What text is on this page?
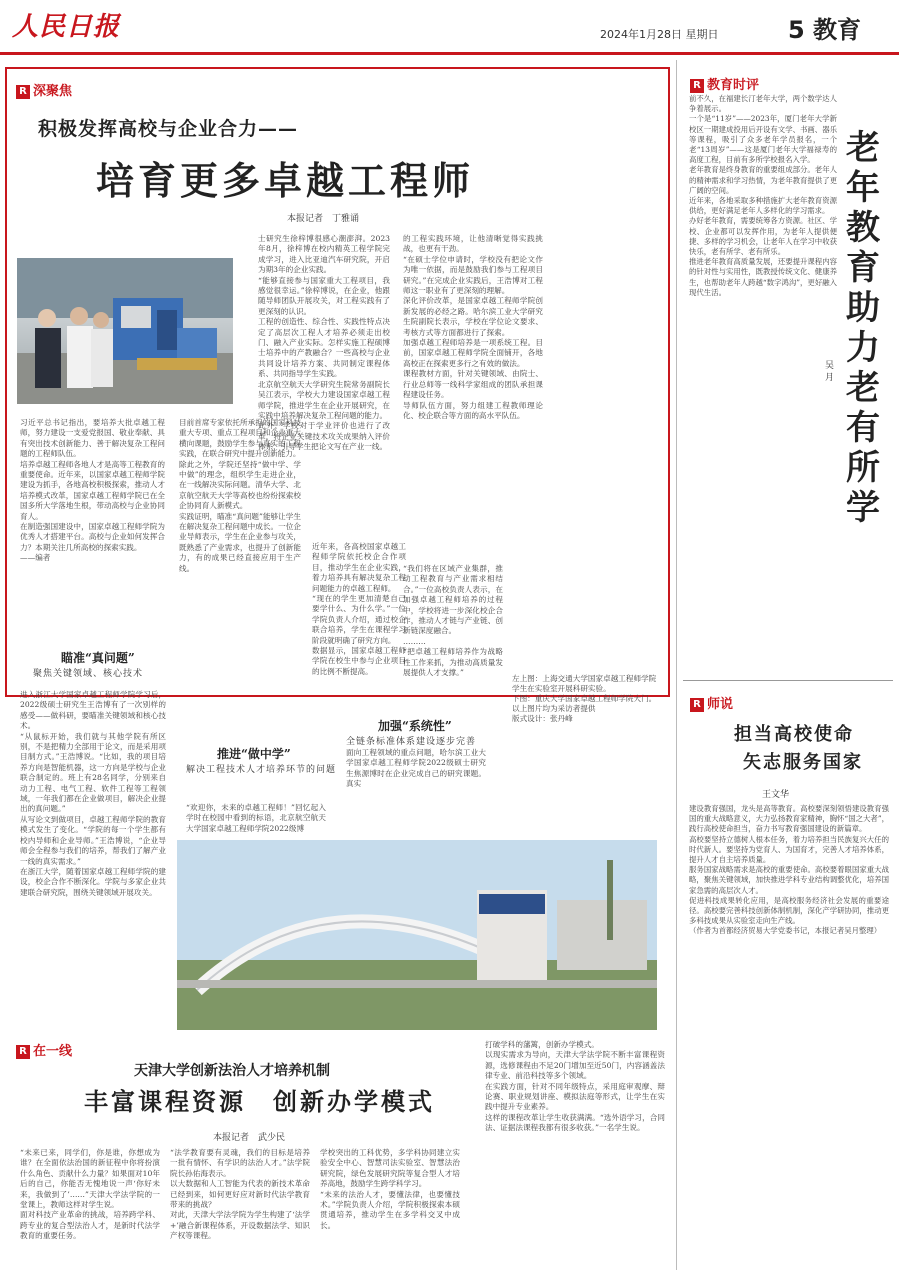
人民日报	2024年1月28日 星期日	5 教育
R 深聚焦
积极发挥高校与企业合力——
培育更多卓越工程师
本报记者　丁雅诵
习近平总书记指出，要培养大批卓越工程师，努力建设一支爱党报国、敬业奉献、具有突出技术创新能力、善于解决复杂工程问题的工程师队伍。
培养卓越工程师各地人才是高等工程教育的重要使命。近年来，以国家卓越工程师学院建设为抓手，各地高校积极探索，推动人才培养模式改革，国家卓越工程师学院已在全国多所大学落地生根，带动高校与企业协同育人。
在制造强国建设中，国家卓越工程师学院为优秀人才搭建平台。高校与企业如何发挥合力？本期关注几所高校的探索实践。
——编者
目前首席专家依托所承担的国家科技重大专项、重点工程项目和企业重大横向课题，鼓励学生参与真实的工程实践，在联合研究中提升创新能力。
除此之外，学院还坚持“做中学、学中做”的理念，组织学生走进企业，在一线解决实际问题。清华大学、北京航空航天大学等高校也纷纷探索校企协同育人新模式。
实践证明，瞄准“真问题”能够让学生在解决复杂工程问题中成长。一位企业导师表示，学生在企业参与攻关，既熟悉了产业需求，也提升了创新能力，有的成果已经直接应用于生产线。
士研究生徐梓博很感心潮澎湃。2023年8月，徐梓博在校内精英工程学院完成学习，进入比亚迪汽车研究院，开启为期3年的企业实践。
“能够直接参与国家重大工程项目，我感觉很幸运。”徐梓博说，在企业，他跟随导师团队开展攻关，对工程实践有了更深刻的认识。
工程的创造性、综合性、实践性特点决定了高层次工程人才培养必须走出校门、融入产业实际。怎样实施工程硕博士培养中的产教融合？一些高校与企业共同设计培养方案、共同制定课程体系、共同指导学生实践。
北京航空航天大学研究生院常务副院长吴江表示，学校大力建设国家卓越工程师学院，推进学生在企业开展研究，在实践中培养解决复杂工程问题的能力。
此外，学校对于学业评价也进行了改革，将企业关键技术攻关成果纳入评价体系，引导学生把论文写在产业一线。
近年来，各高校国家卓越工程师学院依托校企合作项目，推动学生在企业实践，着力培养具有解决复杂工程问题能力的卓越工程师。
“现在的学生更加清楚自己要学什么、为什么学。”一位学院负责人介绍，通过校企联合培养，学生在课程学习阶段就明确了研究方向。
数据显示，国家卓越工程师学院在校生中参与企业项目的比例不断提高。
的工程实践环境，让他清晰觉得实践挑战，也更有干劲。
“在硕士学位申请时，学校没有把论文作为唯一依据，而是鼓励我们参与工程项目研究。”在完成企业实践后，王浩博对工程师这一职业有了更深刻的理解。
深化评价改革，是国家卓越工程师学院创新发展的必经之路。哈尔滨工业大学研究生院副院长表示，学校在学位论文要求、考核方式等方面都进行了探索。
加强卓越工程师培养是一项系统工程。目前，国家卓越工程师学院全面铺开，各地高校正在探索更多行之有效的做法。
课程教材方面，针对关键领域、由院士、行业总师等一线科学家组成的团队承担课程建设任务。
导师队伍方面，努力组建工程教师理论化、校企联合等方面的高水平队伍。
“我们将在区域产业集群，推动工程教育与产业需求相结合。”一位高校负责人表示，在加强卓越工程师培养的过程中，学校将进一步深化校企合作，推动人才链与产业链、创新链深度融合。
………
“把卓越工程师培养作为战略性工作来抓，为推动高质量发展提供人才支撑。”
左上图：上海交通大学国家卓越工程师学院学生在实验室开展科研实验。
下图：重庆大学国家卓越工程师学院大门。
以上图片均为采访者提供
版式设计：张丹峰
瞄准“真问题”
聚焦关键领域、核心技术
进入浙江大学国家卓越工程师学院学习后，2022级硕士研究生王浩博有了一次别样的感受——做科研，要瞄准关键领域和核心技术。
“从鼠标开始，我们就与其他学院有所区别，不是把精力全部用于论文，而是采用项目制方式。”王浩博说。“比如，我的项目培养方向是智能机器，这一方向是学校与企业联合制定的。班上有28名同学，分别来自动力工程、电气工程、软件工程等工程领域，一年我们都在企业做项目，解决企业提出的真问题。”
从写论文到做项目，卓越工程师学院的教育模式发生了变化。“学院的每一个学生都有校内导师和企业导师。”王浩博说，“企业导师会全程参与我们的培养，帮我们了解产业一线的真实需求。”
在浙江大学，随着国家卓越工程师学院的建设，校企合作不断深化。学院与多家企业共建联合研究院，围绕关键领域开展攻关。
推进“做中学”
解决工程技术人才培养环节的问题
“欢迎你，未来的卓越工程师！”回忆起入学时在校园中看到的标语，北京航空航天大学国家卓越工程师学院2022级博
加强“系统性”
全链条标准体系建设逐步完善
面向工程领域的重点问题，哈尔滨工业大学国家卓越工程师学院2022级硕士研究生焦源博时在企业完成自己的研究课题。真实
R 教育时评
前不久，在福建长汀老年大学，两个数学达人争着展示。
一个是“11岁”——2023年，厦门老年大学新校区一期建成投用后开设有文学、书画、器乐等课程，吸引了众多老年学员报名，一个老“13周岁”——这是厦门老年大学福禄寿的高度工程，目前有多所学校报名入学。
老年教育是终身教育的重要组成部分。老年人的精神需求和学习热情，为老年教育提供了更广阔的空间。
近年来，各地采取多种措施扩大老年教育资源供给，更好满足老年人多样化的学习需求。
办好老年教育，需要统筹各方资源。社区、学校、企业都可以发挥作用，为老年人提供便捷、多样的学习机会，让老年人在学习中收获快乐，老有所学、老有所乐。
推进老年教育高质量发展，还要提升课程内容的针对性与实用性，既教授传统文化、健康养生，也帮助老年人跨越“数字鸿沟”，更好融入现代生活。
老年教育助力老有所学
吴月
R 师说
担当高校使命
矢志服务国家
王文华
建设教育强国，龙头是高等教育。高校要深刻领悟建设教育强国的重大战略意义，大力弘扬教育家精神，胸怀“国之大者”，践行高校使命担当，奋力书写教育强国建设的新篇章。
高校要坚持立德树人根本任务，着力培养担当民族复兴大任的时代新人。要坚持为党育人、为国育才，完善人才培养体系，提升人才自主培养质量。
服务国家战略需求是高校的重要使命。高校要着眼国家重大战略，聚焦关键领域，加快推进学科专业结构调整优化，培养国家急需的高层次人才。
促进科技成果转化应用，是高校服务经济社会发展的重要途径。高校要完善科技创新体制机制，深化产学研协同，推动更多科技成果从实验室走向生产线。
（作者为首都经济贸易大学党委书记，本报记者吴月整理）
R 在一线
天津大学创新法治人才培养机制
丰富课程资源　创新办学模式
本报记者　武少民
“未来已来，同学们，你是谁，你想成为谁？在全面依法治国的新征程中你将扮演什么角色、贡献什么力量？如果面对10年后的自己，你能否无愧地说一声‘你好未来，我做到了’……”天津大学法学院的一堂课上，教师这样对学生说。
面对科技产业革命的挑战，培养跨学科、跨专业的复合型法治人才，是新时代法学教育的重要任务。
“法学教育要有灵魂，我们的目标是培养一批有情怀、有学识的法治人才。”法学院院长孙佑海表示。
以大数据和人工智能为代表的新技术革命已经到来，如何更好应对新时代法学教育带来的挑战？
对此，天津大学法学院为学生构建了‘法学+’融合新课程体系，开设数据法学、知识产权等课程。
学校突出的工科优势，多学科协同建立实验安全中心、智慧司法实验室、智慧法治研究院，绿色发展研究院等复合型人才培养高地，鼓励学生跨学科学习。
“未来的法治人才，要懂法律，也要懂技术。”学院负责人介绍，学院积极探索本硕贯通培养，推动学生在多学科交叉中成长。
打破学科的藩篱，创新办学模式。
以现实需求为导向，天津大学法学院不断丰富课程资源，选修课程由不足20门增加至近50门，内容涵盖法律专业、前沿科技等多个领域。
在实践方面，针对不同年级特点，采用庭审观摩、辩论赛、职业规划讲座、模拟法庭等形式，让学生在实践中提升专业素养。
这样的课程改革让学生收获满满。“选外语学习，合同法、证据法课程我都有很多收获。”一名学生说。
